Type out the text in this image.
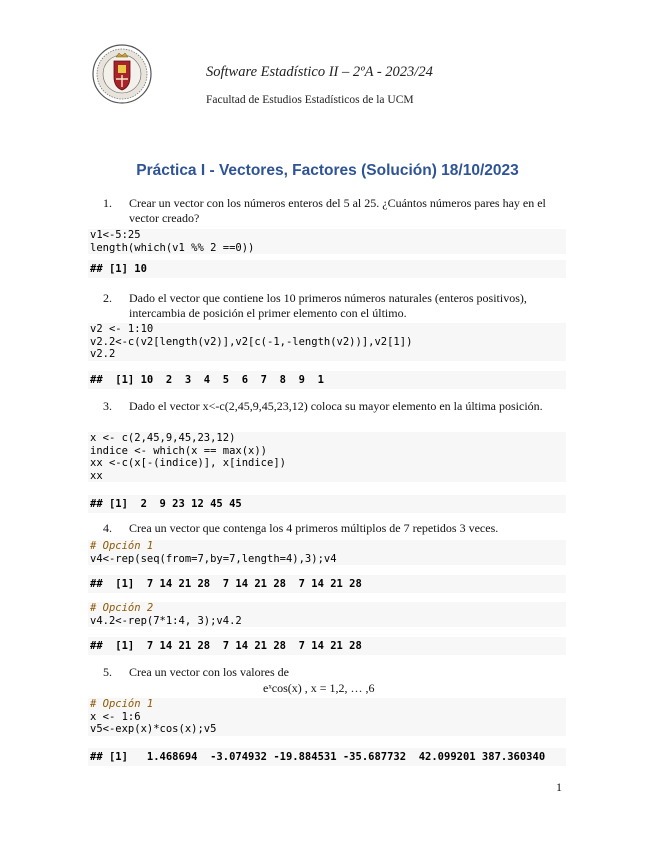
Software Estadístico II – 2ºA - 2023/24
Facultad de Estudios Estadísticos de la UCM
Práctica I - Vectores, Factores (Solución) 18/10/2023
1. Crear un vector con los números enteros del 5 al 25. ¿Cuántos números pares hay en el vector creado?
v1<-5:25
length(which(v1 %% 2 ==0))
## [1] 10
2. Dado el vector que contiene los 10 primeros números naturales (enteros positivos), intercambia de posición el primer elemento con el último.
v2 <- 1:10
v2.2<-c(v2[length(v2)],v2[c(-1,-length(v2))],v2[1])
v2.2
##  [1] 10  2  3  4  5  6  7  8  9  1
3. Dado el vector x<-c(2,45,9,45,23,12) coloca su mayor elemento en la última posición.
x <- c(2,45,9,45,23,12)
indice <- which(x == max(x))
xx <-c(x[-(indice)], x[indice])
xx
## [1]  2  9 23 12 45 45
4. Crea un vector que contenga los 4 primeros múltiplos de 7 repetidos 3 veces.
# Opción 1
v4<-rep(seq(from=7,by=7,length=4),3);v4
##  [1]  7 14 21 28  7 14 21 28  7 14 21 28
# Opción 2
v4.2<-rep(7*1:4, 3);v4.2
##  [1]  7 14 21 28  7 14 21 28  7 14 21 28
5. Crea un vector con los valores de
eˣcos(x) , x = 1,2, … ,6
# Opción 1
x <- 1:6
v5<-exp(x)*cos(x);v5
## [1]   1.468694  -3.074932 -19.884531 -35.687732  42.099201 387.360340
1
